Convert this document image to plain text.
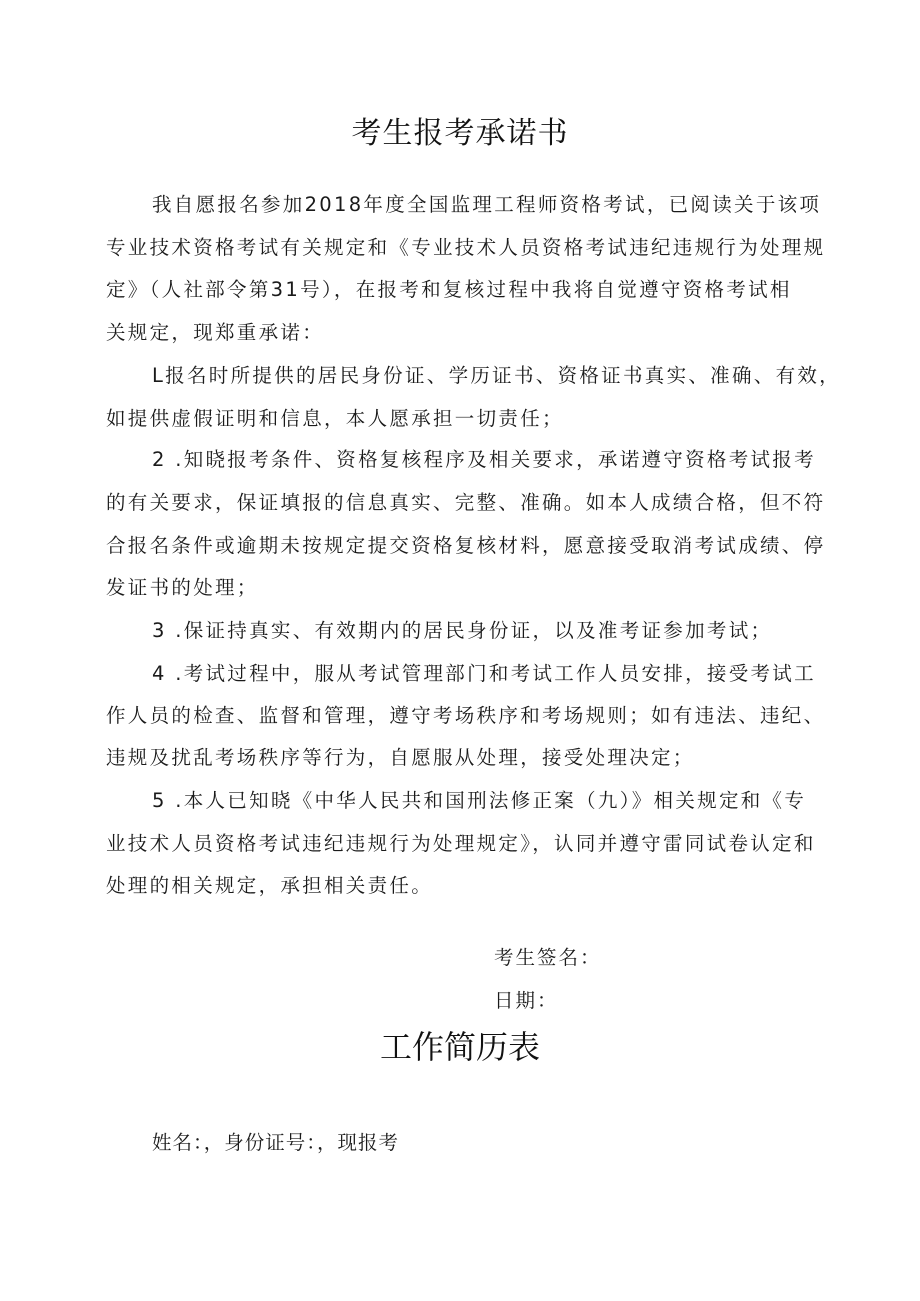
考生报考承诺书
我自愿报名参加2018年度全国监理工程师资格考试，已阅读关于该项
专业技术资格考试有关规定和《专业技术人员资格考试违纪违规行为处理规
定》（人社部令第31号），在报考和复核过程中我将自觉遵守资格考试相
关规定，现郑重承诺：
L报名时所提供的居民身份证、学历证书、资格证书真实、准确、有效，
如提供虚假证明和信息，本人愿承担一切责任；
2 .知晓报考条件、资格复核程序及相关要求，承诺遵守资格考试报考
的有关要求，保证填报的信息真实、完整、准确。如本人成绩合格，但不符
合报名条件或逾期未按规定提交资格复核材料，愿意接受取消考试成绩、停
发证书的处理；
3 .保证持真实、有效期内的居民身份证，以及准考证参加考试；
4 .考试过程中，服从考试管理部门和考试工作人员安排，接受考试工
作人员的检查、监督和管理，遵守考场秩序和考场规则；如有违法、违纪、
违规及扰乱考场秩序等行为，自愿服从处理，接受处理决定；
5 .本人已知晓《中华人民共和国刑法修正案（九）》相关规定和《专
业技术人员资格考试违纪违规行为处理规定》，认同并遵守雷同试卷认定和
处理的相关规定，承担相关责任。
考生签名：
日期：
工作简历表
姓名：，身份证号：，现报考
